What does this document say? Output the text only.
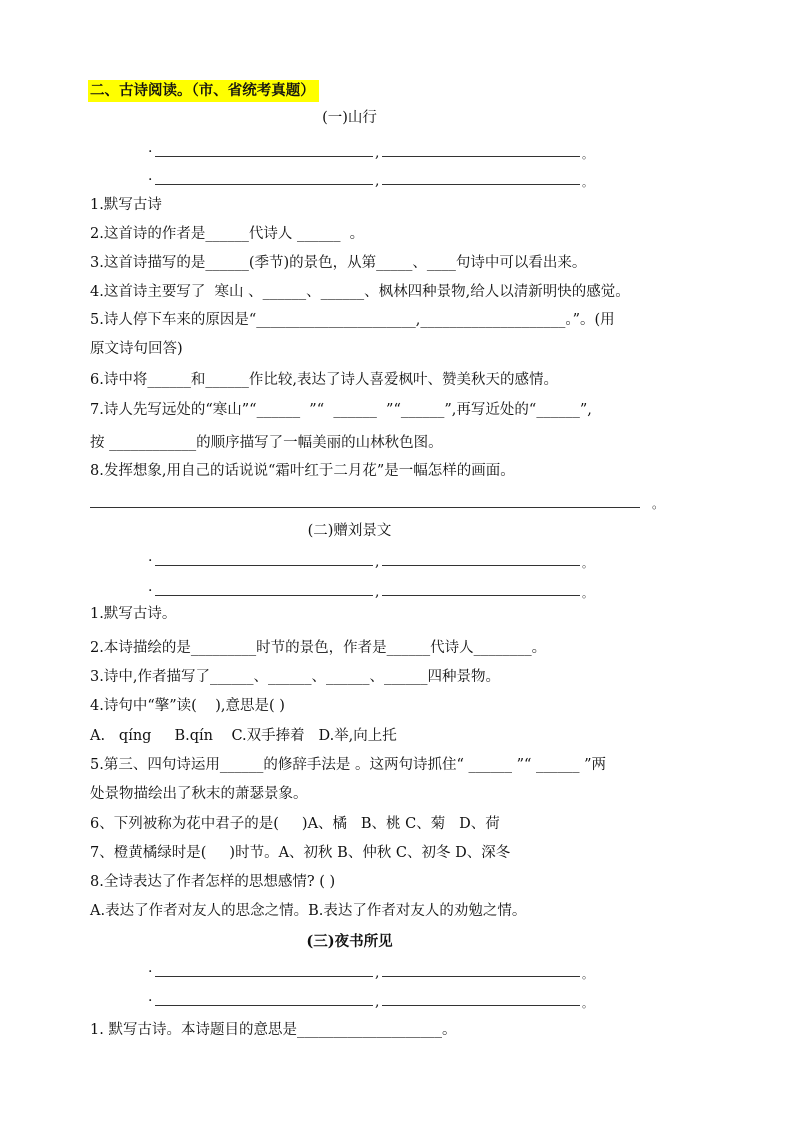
二、古诗阅读。（市、省统考真题）
(一)山行
·	,	。
·	,	。
1.默写古诗
2.这首诗的作者是______代诗人 ______  。
3.这首诗描写的是______(季节)的景色，从第_____、____句诗中可以看出来。
4.这首诗主要写了  寒山 、______、______、枫林四种景物,给人以清新明快的感觉。
5.诗人停下车来的原因是“______________________,____________________。”。(用
原文诗句回答)
6.诗中将______和______作比较,表达了诗人喜爱枫叶、赞美秋天的感情。
7.诗人先写远处的“寒山”“______  ”“  ______  ”“______”,再写近处的“______”,
按 ____________的顺序描写了一幅美丽的山林秋色图。
8.发挥想象,用自己的话说说“霜叶红于二月花”是一幅怎样的画面。
。
(二)赠刘景文
·	,	。
·	,	。
1.默写古诗。
2.本诗描绘的是_________时节的景色，作者是______代诗人________。
3.诗中,作者描写了______、______、______、______四种景物。
4.诗句中“擎”读(    ),意思是( )
A.   qíng     B.qín    C.双手捧着   D.举,向上托
5.第三、四句诗运用______的修辞手法是 。这两句诗抓住“ ______ ”“ ______ ”两
处景物描绘出了秋末的萧瑟景象。
6、下列被称为花中君子的是(     )A、橘   B、桃 C、菊   D、荷
7、橙黄橘绿时是(     )时节。A、初秋 B、仲秋 C、初冬 D、深冬
8.全诗表达了作者怎样的思想感情? ( )
A.表达了作者对友人的思念之情。B.表达了作者对友人的劝勉之情。
(三)夜书所见
·	,	。
·	,	。
1. 默写古诗。本诗题目的意思是____________________。
